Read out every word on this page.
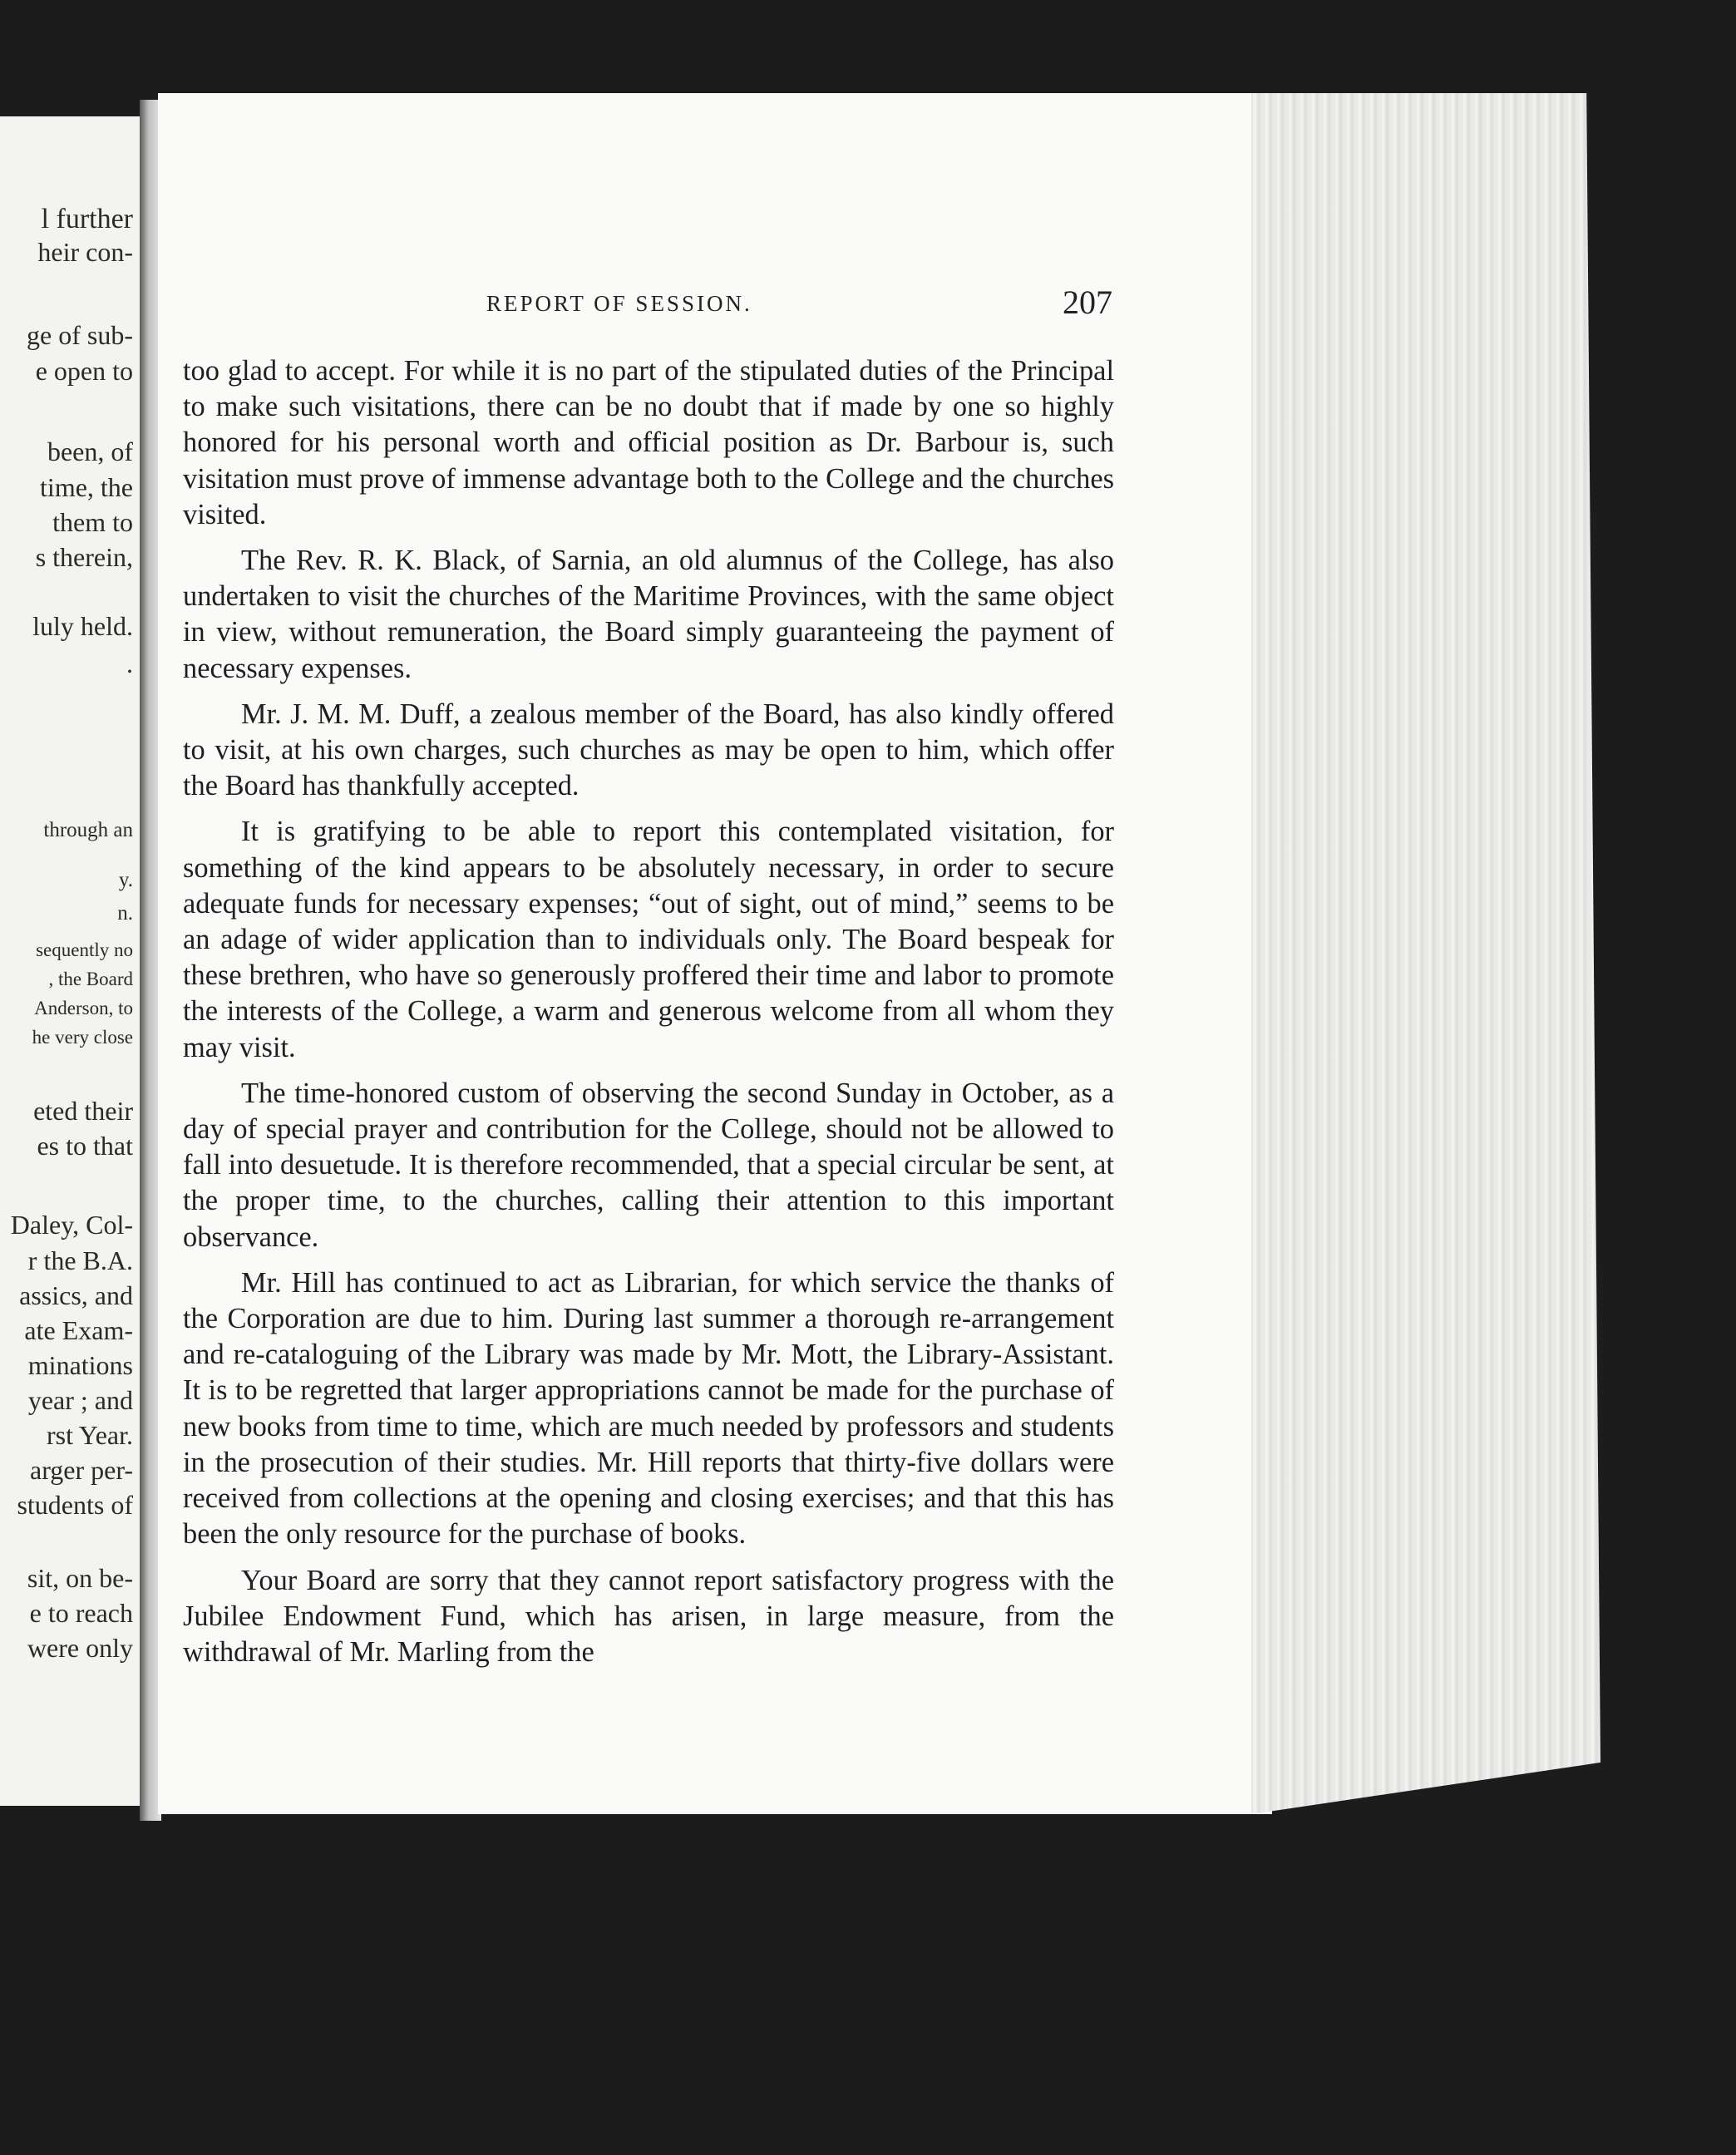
l further
heir con-
ge of sub-
e open to
been, of
time, the
them to
s therein,
luly held.
.
through an
y.
n.
sequently no
, the Board
Anderson, to
he very close
eted their
es to that
Daley, Col-
r the B.A.
assics, and
ate Exam-
minations
year ; and
rst Year.
arger per-
students of
sit, on be-
e to reach
were only
REPORT OF SESSION.	207

too glad to accept. For while it is no part of the stipulated duties of the Principal to make such visitations, there can be no doubt that if made by one so highly honored for his personal worth and official position as Dr. Barbour is, such visitation must prove of immense advantage both to the College and the churches visited.

The Rev. R. K. Black, of Sarnia, an old alumnus of the College, has also undertaken to visit the churches of the Maritime Provinces, with the same object in view, without remuneration, the Board simply guaranteeing the payment of necessary expenses.

Mr. J. M. M. Duff, a zealous member of the Board, has also kindly offered to visit, at his own charges, such churches as may be open to him, which offer the Board has thankfully accepted.

It is gratifying to be able to report this contemplated visitation, for something of the kind appears to be absolutely necessary, in order to secure adequate funds for necessary expenses; “out of sight, out of mind,” seems to be an adage of wider application than to individuals only. The Board bespeak for these brethren, who have so generously proffered their time and labor to promote the interests of the College, a warm and generous welcome from all whom they may visit.

The time-honored custom of observing the second Sunday in October, as a day of special prayer and contribution for the College, should not be allowed to fall into desuetude. It is therefore recommended, that a special circular be sent, at the proper time, to the churches, calling their attention to this important observance.

Mr. Hill has continued to act as Librarian, for which service the thanks of the Corporation are due to him. During last summer a thorough re-arrangement and re-cataloguing of the Library was made by Mr. Mott, the Library-Assistant. It is to be regretted that larger appropriations cannot be made for the purchase of new books from time to time, which are much needed by professors and students in the prosecution of their studies. Mr. Hill reports that thirty-five dollars were received from collections at the opening and closing exercises; and that this has been the only resource for the purchase of books.

Your Board are sorry that they cannot report satisfactory progress with the Jubilee Endowment Fund, which has arisen, in large measure, from the withdrawal of Mr. Marling from the
